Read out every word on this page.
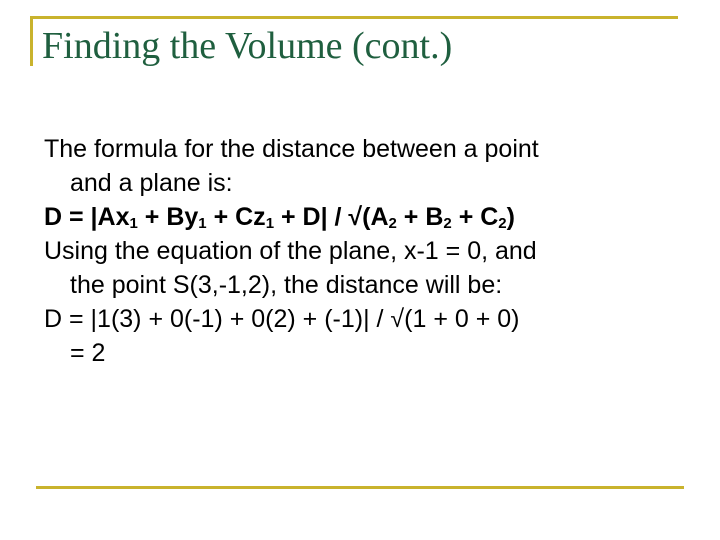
Finding the Volume (cont.)
The formula for the distance between a point
and a plane is:
$D = |Ax_1 + By_1 + Cz_1 + D| / √(A_2 + B_2 + C_2)$
Using the equation of the plane, x-1 = 0, and
the point S(3,-1,2), the distance will be:
D = |1(3) + 0(-1) + 0(2) + (-1)| / √(1 + 0 + 0)
= 2
